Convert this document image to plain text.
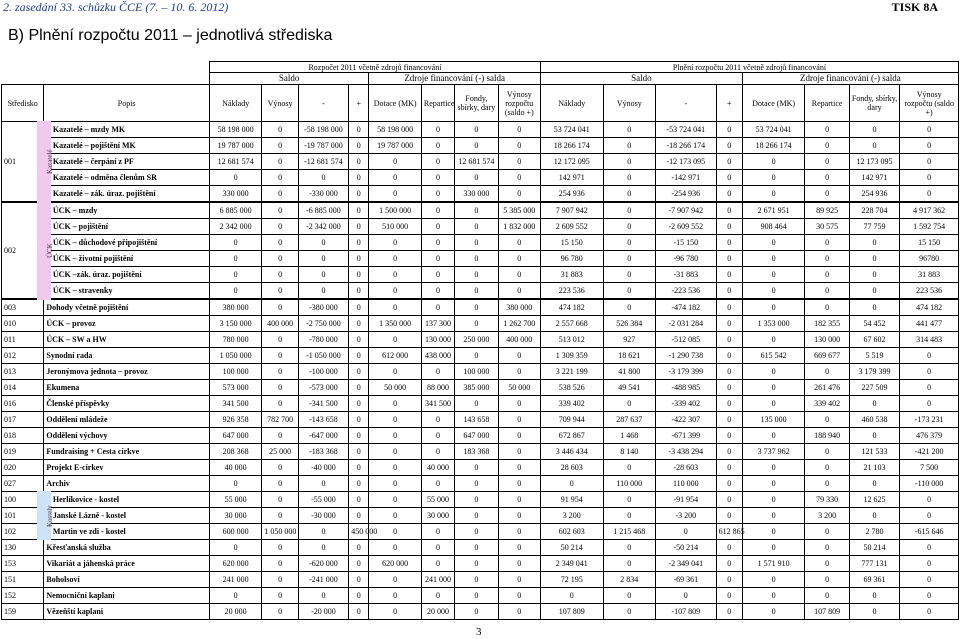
2. zasedání 33. schůzku ČCE (7. – 10. 6. 2012)	TISK 8A
B) Plnění rozpočtu 2011 – jednotlivá střediska
		Rozpočet 2011 včetně zdrojů financování								Plnění rozpočtu 2011 včetně zdrojů financování							
		Saldo				Zdroje financování (-) salda				Saldo				Zdroje financování (-) salda			
Středisko	Popis	Náklady	Výnosy	-	+	Dotace (MK)	Repartice	Fondy, sbírky, dary	Výnosy rozpočtu (saldo +)	Náklady	Výnosy	-	+	Dotace (MK)	Repartice	Fondy, sbírky, dary	Výnosy rozpočtu (saldo +)
001	Kazatelé – mzdy MK	58 198 000	0	-58 198 000	0	58 198 000	0	0	0	53 724 041	0	-53 724 041	0	53 724 041	0	0	0
	Kazatelé – pojištění MK	19 787 000	0	-19 787 000	0	19 787 000	0	0	0	18 266 174	0	-18 266 174	0	18 266 174	0	0	0
	Kazatelé – čerpání z PF	12 681 574	0	-12 681 574	0	0	0	12 681 574	0	12 172 095	0	-12 173 095	0	0	0	12 173 095	0
	Kazatelé – odměna členům SR	0	0	0	0	0	0	0	0	142 971	0	-142 971	0	0	0	142 971	0
	Kazatelé – zák. úraz. pojištění	330 000	0	-330 000	0	0	0	330 000	0	254 936	0	-254 936	0	0	0	254 936	0
002	ÚCK – mzdy	6 885 000	0	-6 885 000	0	1 500 000	0	0	5 385 000	7 907 942	0	-7 907 942	0	2 671 951	89 925	228 704	4 917 362
	ÚCK – pojištění	2 342 000	0	-2 342 000	0	510 000	0	0	1 832 000	2 609 552	0	-2 609 552	0	908 464	30 575	77 759	1 592 754
	ÚCK – důchodové připojištění	0	0	0	0	0	0	0	0	15 150	0	-15 150	0	0	0	0	15 150
	ÚCK – životní pojištění	0	0	0	0	0	0	0	0	96 780	0	-96 780	0	0	0	0	96780
	ÚCK –zák. úraz. pojištění	0	0	0	0	0	0	0	0	31 883	0	-31 883	0	0	0	0	31 883
	ÚCK – stravenky	0	0	0	0	0	0	0	0	223 536	0	-223 536	0	0	0	0	223 536
003	Dohody včetně pojištění	380 000	0	-380 000	0	0	0	0	380 000	474 182	0	-474 182	0	0	0	0	474 182
010	ÚCK – provoz	3 150 000	400 000	-2 750 000	0	1 350 000	137 300	0	1 262 700	2 557 668	526 384	-2 031 284	0	1 353 000	182 355	54 452	441 477
011	ÚCK – SW a HW	780 000	0	-780 000	0	0	130 000	250 000	400 000	513 012	927	-512 085	0	0	130 000	67 602	314 483
012	Synodní rada	1 050 000	0	-1 050 000	0	612 000	438 000	0	0	1 309 359	18 621	-1 290 738	0	615 542	669 677	5 519	0
013	Jeronýmova jednota – provoz	100 000	0	-100 000	0	0	0	100 000	0	3 221 199	41 800	-3 179 399	0	0	0	3 179 399	0
014	Ekumena	573 000	0	-573 000	0	50 000	88 000	385 000	50 000	538 526	49 541	-488 985	0	0	261 476	227 509	0
016	Členské příspěvky	341 500	0	-341 500	0	0	341 500	0	0	339 402	0	-339 402	0	0	339 402	0	0
017	Oddělení mládeže	926 358	782 700	-143 658	0	0	0	143 658	0	709 944	287 637	-422 307	0	135 000	0	460 538	-173 231
018	Oddělení výchovy	647 000	0	-647 000	0	0	0	647 000	0	672 867	1 468	-671 399	0	0	188 940	0	476 379
019	Fundraising + Cesta církve	208 368	25 000	-183 368	0	0	0	183 368	0	3 446 434	8 140	-3 438 294	0	3 737 962	0	121 533	-421 200
020	Projekt E-církev	40 000	0	-40 000	0	0	40 000	0	0	28 603	0	-28 603	0	0	0	21 103	7 500
027	Archiv	0	0	0	0	0	0	0	0	0	110 000	110 000	0	0	0	0	-110 000
100	Herlíkovice - kostel	55 000	0	-55 000	0	0	55 000	0	0	91 954	0	-91 954	0	0	79 330	12 625	0
101	Janské Lázně - kostel	30 000	0	-30 000	0	0	30 000	0	0	3 200	0	-3 200	0	0	3 200	0	0
102	Martin ve zdi - kostel	600 000	1 050 000	0	450 000	0	0	0	0	602 603	1 215 468	0	612 865	0	0	2 780	-615 646
130	Křesťanská služba	0	0	0	0	0	0	0	0	50 214	0	-50 214	0	0	0	50 214	0
153	Vikariát a jáhenská práce	620 000	0	-620 000	0	620 000	0	0	0	2 349 041	0	-2 349 041	0	1 571 910	0	777 131	0
151	Boholsoví	241 000	0	-241 000	0	0	241 000	0	0	72 195	2 834	-69 361	0	0	0	69 361	0
152	Nemocniční kaplani	0	0	0	0	0	0	0	0	0	0	0	0	0	0	0	0
159	Vězeňští kaplani	20 000	0	-20 000	0	0	20 000	0	0	107 809	0	-107 809	0	0	107 809	0	0
3
Kazatelé
ÚCK
Kostely
